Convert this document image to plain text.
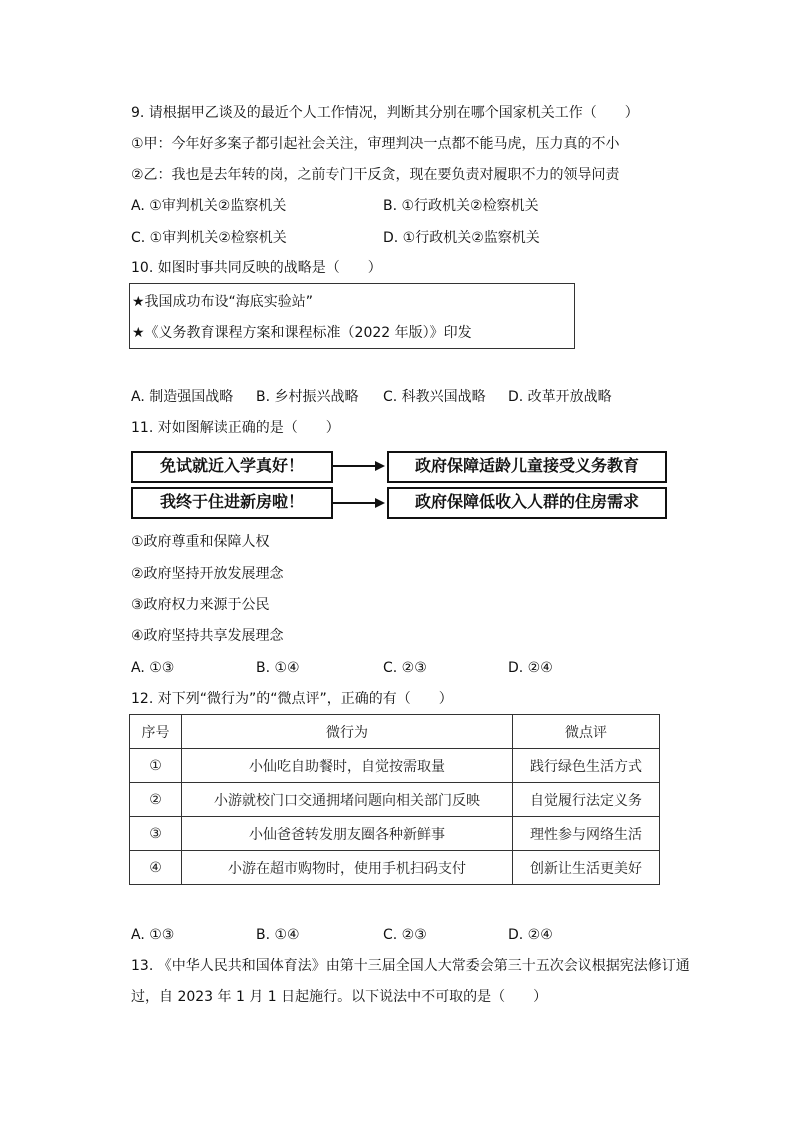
9. 请根据甲乙谈及的最近个人工作情况，判断其分别在哪个国家机关工作（　　）
①甲：今年好多案子都引起社会关注，审理判决一点都不能马虎，压力真的不小
②乙：我也是去年转的岗，之前专门干反贪，现在要负责对履职不力的领导问责
A. ①审判机关②监察机关	B. ①行政机关②检察机关
C. ①审判机关②检察机关	D. ①行政机关②监察机关
10. 如图时事共同反映的战略是（　　）
★我国成功布设“海底实验站”
★《义务教育课程方案和课程标准（2022 年版）》印发
A. 制造强国战略 B. 乡村振兴战略 C. 科教兴国战略 D. 改革开放战略
11. 对如图解读正确的是（　　）
免试就近入学真好！
我终于住进新房啦！
政府保障适龄儿童接受义务教育
政府保障低收入人群的住房需求
①政府尊重和保障人权
②政府坚持开放发展理念
③政府权力来源于公民
④政府坚持共享发展理念
A. ①③	B. ①④	C. ②③	D. ②④
12. 对下列“微行为”的“微点评”，正确的有（　　）
序号	微行为	微点评
①	小仙吃自助餐时，自觉按需取量	践行绿色生活方式
②	小游就校门口交通拥堵问题向相关部门反映	自觉履行法定义务
③	小仙爸爸转发朋友圈各种新鲜事	理性参与网络生活
④	小游在超市购物时，使用手机扫码支付	创新让生活更美好
A. ①③	B. ①④	C. ②③	D. ②④
13. 《中华人民共和国体育法》由第十三届全国人大常委会第三十五次会议根据宪法修订通
过，自 2023 年 1 月 1 日起施行。以下说法中不可取的是（　　）
